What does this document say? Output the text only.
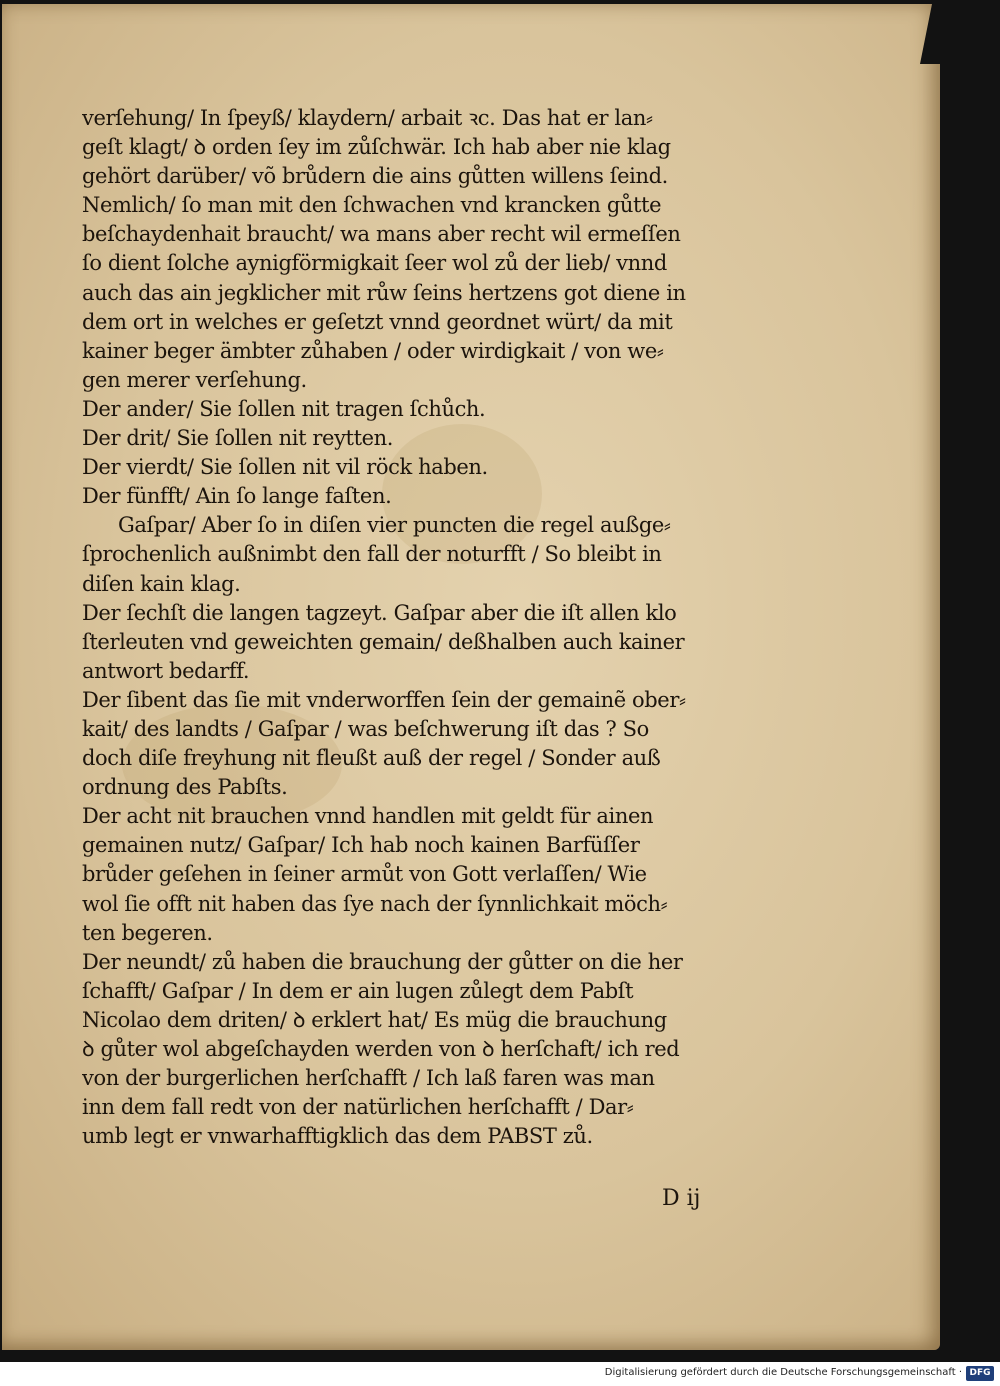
verſehung/ In ſpeyß/ klaydern/ arbait ꝛc. Das hat er lan⸗
geſt klagt/ ꝺ orden ſey im zůſchwär. Ich hab aber nie klag
gehört darüber/ võ brůdern die ains gůtten willens ſeind.
Nemlich/ ſo man mit den ſchwachen vnd krancken gůtte
beſchaydenhait braucht/ wa mans aber recht wil ermeſſen
ſo dient ſolche aynigförmigkait ſeer wol zů der lieb/ vnnd
auch das ain jegklicher mit růw ſeins hertzens got diene in
dem ort in welches er geſetzt vnnd geordnet würt/ da mit
kainer beger ämbter zůhaben / oder wirdigkait / von we⸗
gen merer verſehung.
Der ander/ Sie ſollen nit tragen ſchůch.
Der drit/ Sie ſollen nit reytten.
Der vierdt/ Sie ſollen nit vil röck haben.
Der fünfft/ Ain ſo lange faſten.
Gaſpar/ Aber ſo in diſen vier puncten die regel außge⸗
ſprochenlich außnimbt den fall der noturfft / So bleibt in
diſen kain klag.
Der ſechſt die langen tagzeyt. Gaſpar aber die iſt allen klo
ſterleuten vnd geweichten gemain/ deßhalben auch kainer
antwort bedarff.
Der ſibent das ſie mit vnderworffen ſein der gemainẽ ober⸗
kait/ des landts / Gaſpar / was beſchwerung iſt das ? So
doch diſe freyhung nit fleußt auß der regel / Sonder auß
ordnung des Pabſts.
Der acht nit brauchen vnnd handlen mit geldt für ainen
gemainen nutz/ Gaſpar/ Ich hab noch kainen Barfüſſer
brůder geſehen in ſeiner armůt von Gott verlaſſen/ Wie
wol ſie offt nit haben das ſye nach der ſynnlichkait möch⸗
ten begeren.
Der neundt/ zů haben die brauchung der gůtter on die her
ſchafft/ Gaſpar / In dem er ain lugen zůlegt dem Pabſt
Nicolao dem driten/ ꝺ erklert hat/ Es müg die brauchung
ꝺ gůter wol abgeſchayden werden von ꝺ herſchaft/ ich red
von der burgerlichen herſchafft / Ich laß faren was man
inn dem fall redt von der natürlichen herſchafft / Dar⸗
umb legt er vnwarhafftigklich das dem PABST zů.
D ij
Digitalisierung gefördert durch die Deutsche Forschungsgemeinschaft · DFG
